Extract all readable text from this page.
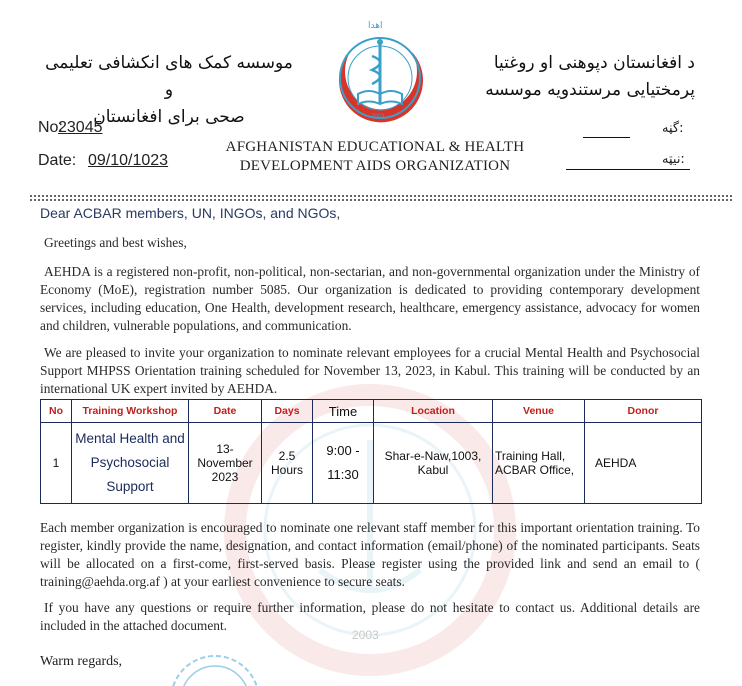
2003
د افغانستان دپوهنی او روغتیا
پرمختیایی مرستندویه موسسه
موسسه کمک های انکشافی تعلیمی و
صحی برای افغانستان
اهدا
2003
No:
23045
Date: 09/10/1023
AFGHANISTAN EDUCATIONAL & HEALTH
DEVELOPMENT AIDS ORGANIZATION
:گڼه
:نیټه
Dear ACBAR members, UN, INGOs, and NGOs,
Greetings and best wishes,
AEHDA is a registered non-profit, non-political, non-sectarian, and non-governmental organization under the Ministry of Economy (MoE), registration number 5085. Our organization is dedicated to providing contemporary development services, including education, One Health, development research, healthcare, emergency assistance, advocacy for women and children, vulnerable populations, and communication.
We are pleased to invite your organization to nominate relevant employees for a crucial Mental Health and Psychosocial Support MHPSS Orientation training scheduled for November 13, 2023, in Kabul. This training will be conducted by an international UK expert invited by AEHDA.
No	Training Workshop	Date	Days	Time	Location	Venue	Donor
1	Mental Health and Psychosocial Support	13-November 2023	2.5 Hours	9:00 - 11:30	Shar-e-Naw,1003, Kabul	Training Hall, ACBAR Office,	AEHDA
Each member organization is encouraged to nominate one relevant staff member for this important orientation training. To register, kindly provide the name, designation, and contact information (email/phone) of the nominated participants. Seats will be allocated on a first-come, first-served basis. Please register using the provided link and send an email to ( training@aehda.org.af ) at your earliest convenience to secure seats.
If you have any questions or require further information, please do not hesitate to contact us. Additional details are included in the attached document.
Warm regards,
